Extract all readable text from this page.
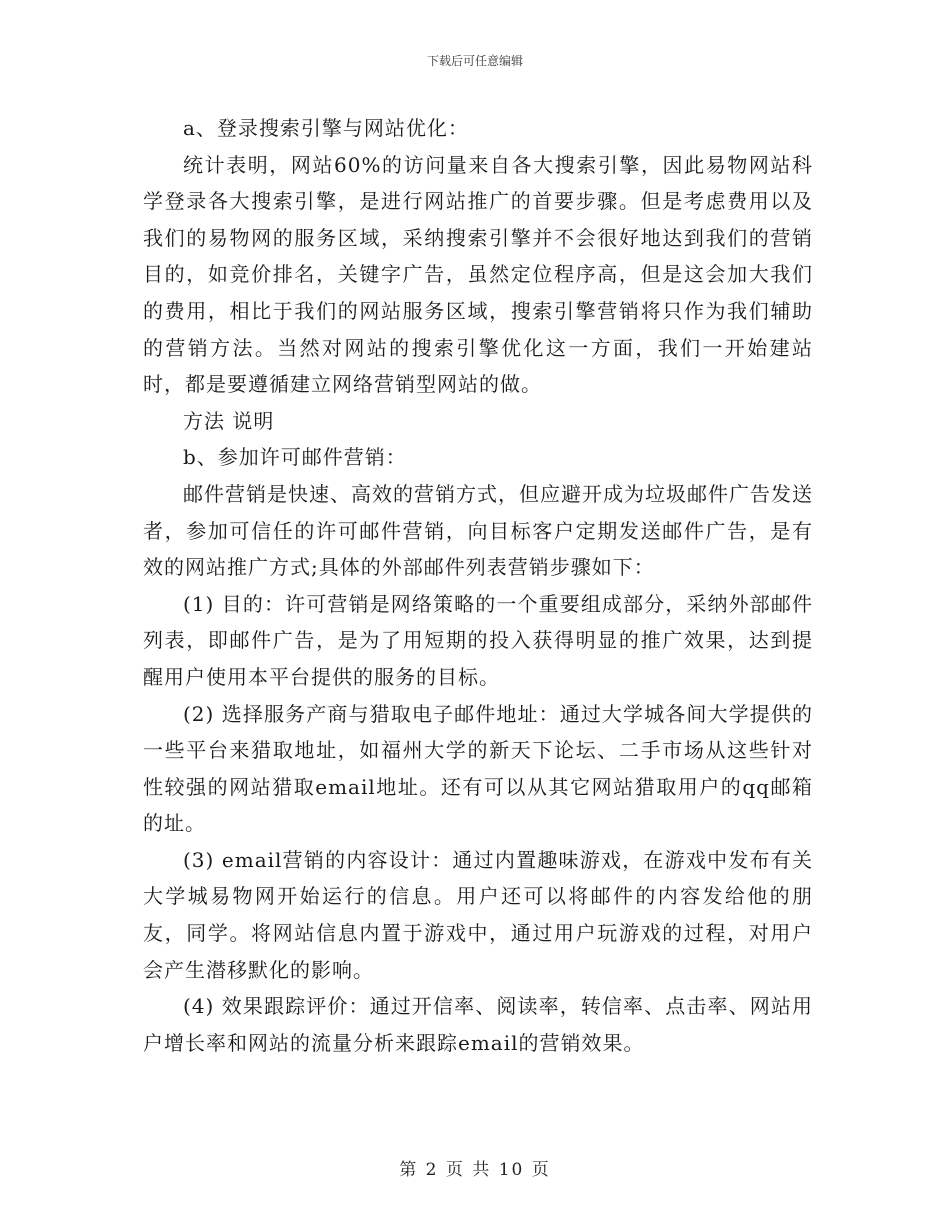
下载后可任意编辑

a、登录搜索引擎与网站优化：

统计表明，网站60%的访问量来自各大搜索引擎，因此易物网站科学登录各大搜索引擎，是进行网站推广的首要步骤。但是考虑费用以及我们的易物网的服务区域，采纳搜索引擎并不会很好地达到我们的营销目的，如竞价排名，关键字广告，虽然定位程序高，但是这会加大我们的费用，相比于我们的网站服务区域，搜索引擎营销将只作为我们辅助的营销方法。当然对网站的搜索引擎优化这一方面，我们一开始建站时，都是要遵循建立网络营销型网站的做。

方法 说明

b、参加许可邮件营销：

邮件营销是快速、高效的营销方式，但应避开成为垃圾邮件广告发送者，参加可信任的许可邮件营销，向目标客户定期发送邮件广告，是有效的网站推广方式;具体的外部邮件列表营销步骤如下：

(1) 目的：许可营销是网络策略的一个重要组成部分，采纳外部邮件列表，即邮件广告，是为了用短期的投入获得明显的推广效果，达到提醒用户使用本平台提供的服务的目标。

(2) 选择服务产商与猎取电子邮件地址：通过大学城各间大学提供的一些平台来猎取地址，如福州大学的新天下论坛、二手市场从这些针对性较强的网站猎取email地址。还有可以从其它网站猎取用户的qq邮箱的址。

(3) email营销的内容设计：通过内置趣味游戏，在游戏中发布有关大学城易物网开始运行的信息。用户还可以将邮件的内容发给他的朋友，同学。将网站信息内置于游戏中，通过用户玩游戏的过程，对用户会产生潜移默化的影响。

(4) 效果跟踪评价：通过开信率、阅读率，转信率、点击率、网站用户增长率和网站的流量分析来跟踪email的营销效果。

第 2 页 共 10 页
